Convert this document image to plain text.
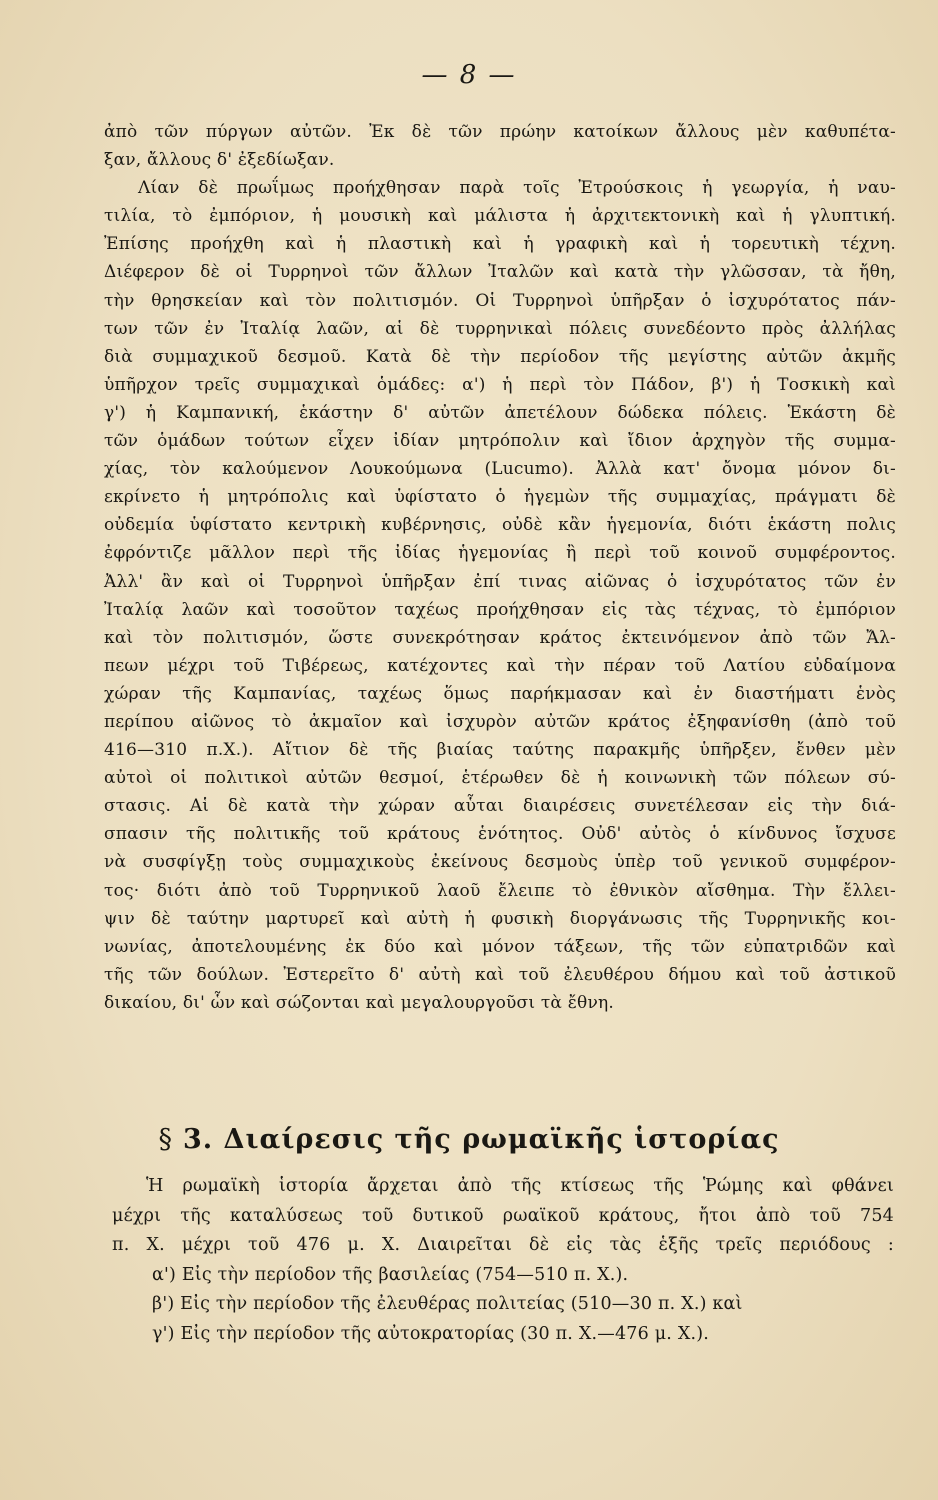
— 8 —
ἀπὸ τῶν πύργων αὐτῶν. Ἐκ δὲ τῶν πρώην κατοίκων ἄλλους μὲν καθυπέτα-
ξαν, ἄλλους δ' ἐξεδίωξαν.
Λίαν δὲ πρωΐμως προήχθησαν παρὰ τοῖς Ἐτρούσκοις ἡ γεωργία, ἡ ναυ-
τιλία, τὸ ἐμπόριον, ἡ μουσικὴ καὶ μάλιστα ἡ ἀρχιτεκτονικὴ καὶ ἡ γλυπτική.
Ἐπίσης προήχθη καὶ ἡ πλαστικὴ καὶ ἡ γραφικὴ καὶ ἡ τορευτικὴ τέχνη.
Διέφερον δὲ οἱ Τυρρηνοὶ τῶν ἄλλων Ἰταλῶν καὶ κατὰ τὴν γλῶσσαν, τὰ ἤθη,
τὴν θρησκείαν καὶ τὸν πολιτισμόν. Οἱ Τυρρηνοὶ ὑπῆρξαν ὁ ἰσχυρότατος πάν-
των τῶν ἐν Ἰταλίᾳ λαῶν, αἱ δὲ τυρρηνικαὶ πόλεις συνεδέοντο πρὸς ἀλλήλας
διὰ συμμαχικοῦ δεσμοῦ. Κατὰ δὲ τὴν περίοδον τῆς μεγίστης αὐτῶν ἀκμῆς
ὑπῆρχον τρεῖς συμμαχικαὶ ὁμάδες: α') ἡ περὶ τὸν Πάδον, β') ἡ Τοσκικὴ καὶ
γ') ἡ Καμπανική, ἑκάστην δ' αὐτῶν ἀπετέλουν δώδεκα πόλεις. Ἑκάστη δὲ
τῶν ὁμάδων τούτων εἶχεν ἰδίαν μητρόπολιν καὶ ἴδιον ἀρχηγὸν τῆς συμμα-
χίας, τὸν καλούμενον Λουκούμωνα (Lucumo). Ἀλλὰ κατ' ὄνομα μόνον δι-
εκρίνετο ἡ μητρόπολις καὶ ὑφίστατο ὁ ἡγεμὼν τῆς συμμαχίας, πράγματι δὲ
οὐδεμία ὑφίστατο κεντρικὴ κυβέρνησις, οὐδὲ κἂν ἡγεμονία, διότι ἑκάστη πολις
ἐφρόντιζε μᾶλλον περὶ τῆς ἰδίας ἡγεμονίας ἢ περὶ τοῦ κοινοῦ συμφέροντος.
Ἀλλ' ἂν καὶ οἱ Τυρρηνοὶ ὑπῆρξαν ἐπί τινας αἰῶνας ὁ ἰσχυρότατος τῶν ἐν
Ἰταλίᾳ λαῶν καὶ τοσοῦτον ταχέως προήχθησαν εἰς τὰς τέχνας, τὸ ἐμπόριον
καὶ τὸν πολιτισμόν, ὥστε συνεκρότησαν κράτος ἐκτεινόμενον ἀπὸ τῶν Ἄλ-
πεων μέχρι τοῦ Τιβέρεως, κατέχοντες καὶ τὴν πέραν τοῦ Λατίου εὐδαίμονα
χώραν τῆς Καμπανίας, ταχέως ὅμως παρήκμασαν καὶ ἐν διαστήματι ἑνὸς
περίπου αἰῶνος τὸ ἀκμαῖον καὶ ἰσχυρὸν αὐτῶν κράτος ἐξηφανίσθη (ἀπὸ τοῦ
416—310 π.Χ.). Αἴτιον δὲ τῆς βιαίας ταύτης παρακμῆς ὑπῆρξεν, ἔνθεν μὲν
αὐτοὶ οἱ πολιτικοὶ αὐτῶν θεσμοί, ἑτέρωθεν δὲ ἡ κοινωνικὴ τῶν πόλεων σύ-
στασις. Αἱ δὲ κατὰ τὴν χώραν αὗται διαιρέσεις συνετέλεσαν εἰς τὴν διά-
σπασιν τῆς πολιτικῆς τοῦ κράτους ἑνότητος. Οὐδ' αὐτὸς ὁ κίνδυνος ἴσχυσε
νὰ συσφίγξῃ τοὺς συμμαχικοὺς ἐκείνους δεσμοὺς ὑπὲρ τοῦ γενικοῦ συμφέρον-
τος· διότι ἀπὸ τοῦ Τυρρηνικοῦ λαοῦ ἔλειπε τὸ ἐθνικὸν αἴσθημα. Τὴν ἔλλει-
ψιν δὲ ταύτην μαρτυρεῖ καὶ αὐτὴ ἡ φυσικὴ διοργάνωσις τῆς Τυρρηνικῆς κοι-
νωνίας, ἀποτελουμένης ἐκ δύο καὶ μόνον τάξεων, τῆς τῶν εὐπατριδῶν καὶ
τῆς τῶν δούλων. Ἐστερεῖτο δ' αὐτὴ καὶ τοῦ ἐλευθέρου δήμου καὶ τοῦ ἀστικοῦ
δικαίου, δι' ὧν καὶ σώζονται καὶ μεγαλουργοῦσι τὰ ἔθνη.
§ 3. Διαίρεσις τῆς ρωμαϊκῆς ἱστορίας
Ἡ ρωμαϊκὴ ἱστορία ἄρχεται ἀπὸ τῆς κτίσεως τῆς Ῥώμης καὶ φθάνει
μέχρι τῆς καταλύσεως τοῦ δυτικοῦ ρωαϊκοῦ κράτους, ἤτοι ἀπὸ τοῦ 754
π. Χ. μέχρι τοῦ 476 μ. Χ. Διαιρεῖται δὲ εἰς τὰς ἑξῆς τρεῖς περιόδους :
α') Εἰς τὴν περίοδον τῆς βασιλείας (754—510 π. Χ.).
β') Εἰς τὴν περίοδον τῆς ἐλευθέρας πολιτείας (510—30 π. Χ.) καὶ
γ') Εἰς τὴν περίοδον τῆς αὐτοκρατορίας (30 π. Χ.—476 μ. Χ.).
